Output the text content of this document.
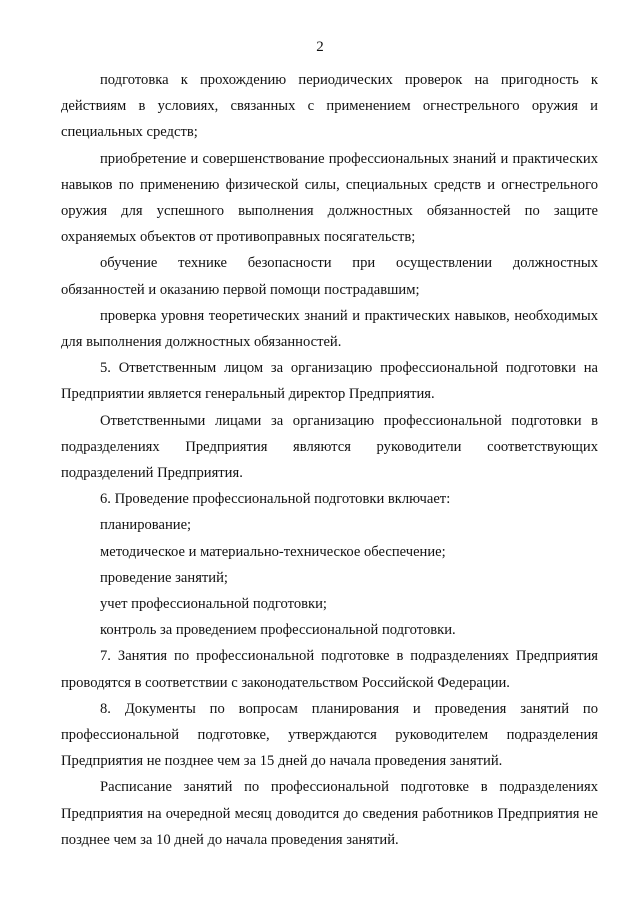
2

подготовка к прохождению периодических проверок на пригодность к действиям в условиях, связанных с применением огнестрельного оружия и специальных средств;

приобретение и совершенствование профессиональных знаний и практических навыков по применению физической силы, специальных средств и огнестрельного оружия для успешного выполнения должностных обязанностей по защите охраняемых объектов от противоправных посягательств;

обучение технике безопасности при осуществлении должностных обязанностей и оказанию первой помощи пострадавшим;

проверка уровня теоретических знаний и практических навыков, необходимых для выполнения должностных обязанностей.

5. Ответственным лицом за организацию профессиональной подготовки на Предприятии является генеральный директор Предприятия.

Ответственными лицами за организацию профессиональной подготовки в подразделениях Предприятия являются руководители соответствующих подразделений Предприятия.

6. Проведение профессиональной подготовки включает:

планирование;

методическое и материально-техническое обеспечение;

проведение занятий;

учет профессиональной подготовки;

контроль за проведением профессиональной подготовки.

7. Занятия по профессиональной подготовке в подразделениях Предприятия проводятся в соответствии с законодательством Российской Федерации.

8. Документы по вопросам планирования и проведения занятий по профессиональной подготовке, утверждаются руководителем подразделения Предприятия не позднее чем за 15 дней до начала проведения занятий.

Расписание занятий по профессиональной подготовке в подразделениях Предприятия на очередной месяц доводится до сведения работников Предприятия не позднее чем за 10 дней до начала проведения занятий.
